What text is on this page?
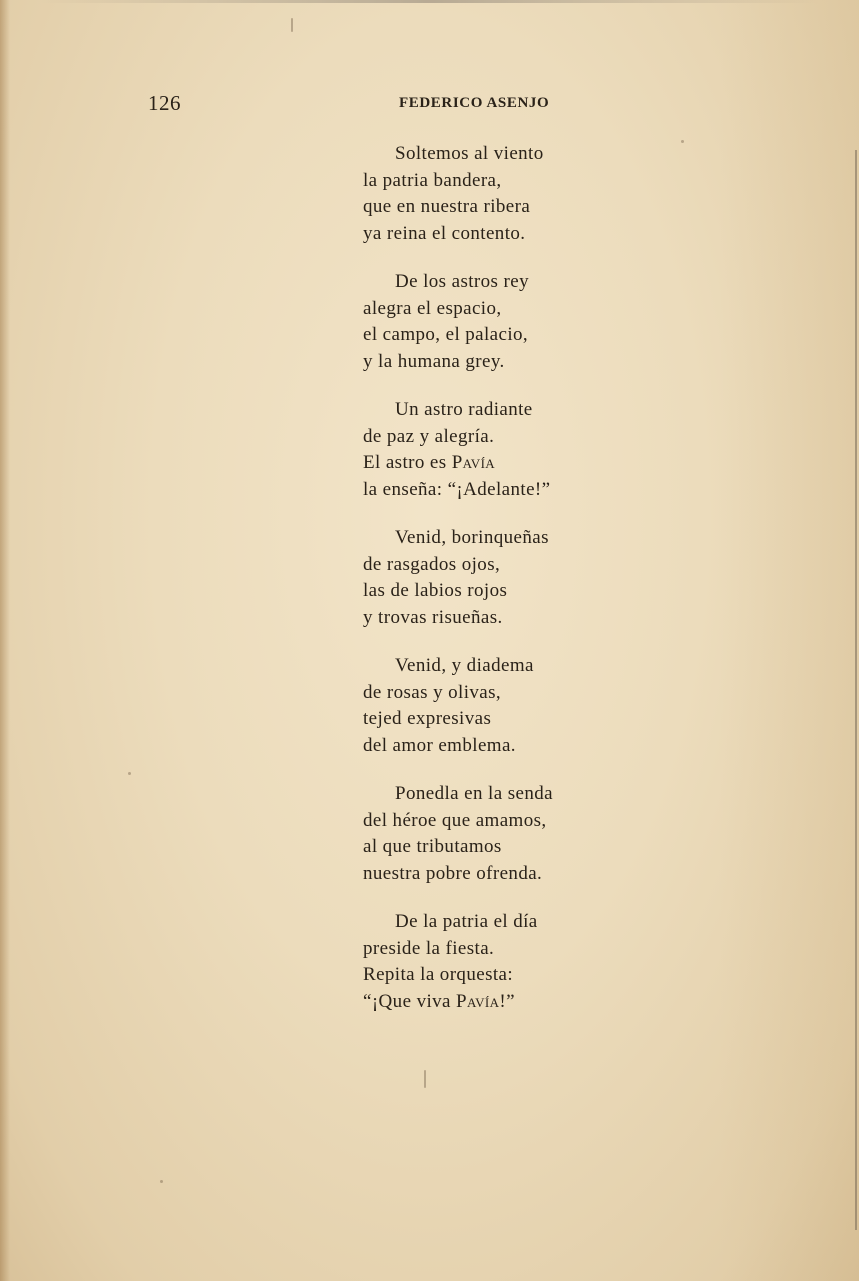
126	FEDERICO ASENJO
Soltemos al viento
la patria bandera,
que en nuestra ribera
ya reina el contento.
De los astros rey
alegra el espacio,
el campo, el palacio,
y la humana grey.
Un astro radiante
de paz y alegría.
El astro es Pavía
la enseña: “¡Adelante!”
Venid, borinqueñas
de rasgados ojos,
las de labios rojos
y trovas risueñas.
Venid, y diadema
de rosas y olivas,
tejed expresivas
del amor emblema.
Ponedla en la senda
del héroe que amamos,
al que tributamos
nuestra pobre ofrenda.
De la patria el día
preside la fiesta.
Repita la orquesta:
“¡Que viva Pavía!”
